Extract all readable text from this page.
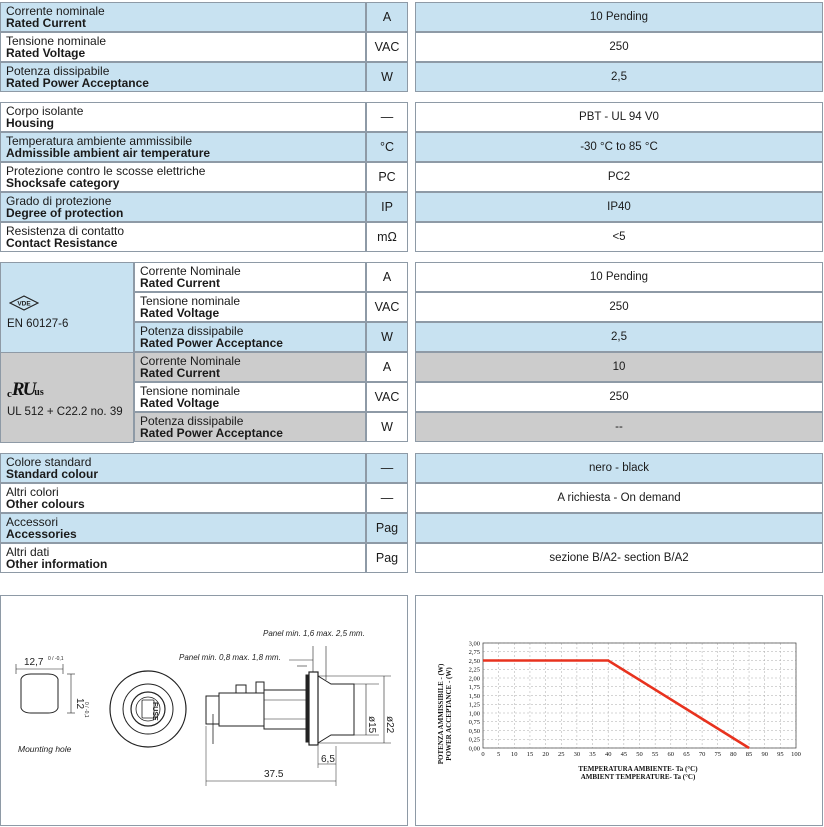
Corrente nominale
Rated Current	A	10 Pending
Tensione nominale
Rated Voltage	VAC	250
Potenza dissipabile
Rated Power Acceptance	W	2,5
Corpo isolante
Housing	—	PBT - UL 94 V0
Temperatura ambiente ammissibile
Admissible ambient air temperature	°C	-30 °C to 85 °C
Protezione contro le scosse elettriche
Shocksafe category	PC	PC2
Grado di protezione
Degree of protection	IP	IP40
Resistenza di contatto
Contact Resistance	mΩ	<5
VDE
EN 60127-6
cRUus
UL 512 + C22.2 no. 39
Corrente Nominale
Rated Current	A	10 Pending
Tensione nominale
Rated Voltage	VAC	250
Potenza dissipabile
Rated Power Acceptance	W	2,5
Corrente Nominale
Rated Current	A	10
Tensione nominale
Rated Voltage	VAC	250
Potenza dissipabile
Rated Power Acceptance	W	--
Colore standard
Standard colour	—	nero - black
Altri colori
Other colours	—	A richiesta - On demand
Accessori
Accessories	Pag
Altri dati
Other information	Pag	sezione B/A2- section B/A2
12,7 0 / -0,1
12
0 / -0,1
Mounting hole
FUSE
Panel min. 1,6 max. 2,5 mm.
Panel min. 0,8 max. 1,8 mm.
ø15 ø22
37.5
6,5	0 5 10 15 20 25 30 35 40 45 50 55 60 65 70 75 80 85 90 95 100
0,00
0,25
0,50
0,75
1,00
1,25
1,50
1,75
2,00
2,25
2,50
2,75
3,00
POTENZA AMMISSIBILE - (W) POWER ACCEPTANCE - (W)
TEMPERATURA AMBIENTE- Ta (°C)
AMBIENT TEMPERATURE- Ta (°C)
